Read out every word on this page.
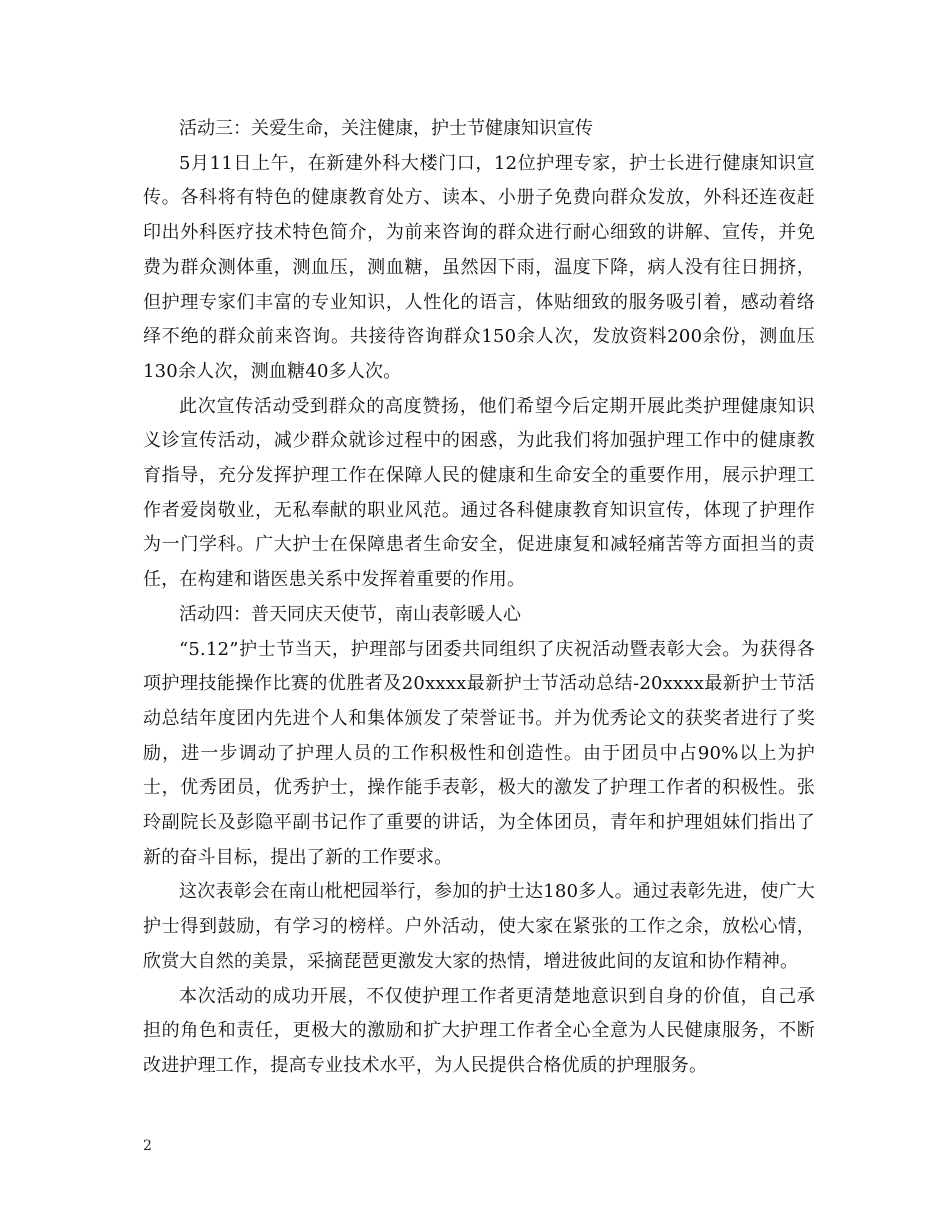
活动三：关爱生命，关注健康，护士节健康知识宣传

5月11日上午，在新建外科大楼门口，12位护理专家，护士长进行健康知识宣传。各科将有特色的健康教育处方、读本、小册子免费向群众发放，外科还连夜赶印出外科医疗技术特色简介，为前来咨询的群众进行耐心细致的讲解、宣传，并免费为群众测体重，测血压，测血糖，虽然因下雨，温度下降，病人没有往日拥挤，但护理专家们丰富的专业知识，人性化的语言，体贴细致的服务吸引着，感动着络绎不绝的群众前来咨询。共接待咨询群众150余人次，发放资料200余份，测血压130余人次，测血糖40多人次。

此次宣传活动受到群众的高度赞扬，他们希望今后定期开展此类护理健康知识义诊宣传活动，减少群众就诊过程中的困惑，为此我们将加强护理工作中的健康教育指导，充分发挥护理工作在保障人民的健康和生命安全的重要作用，展示护理工作者爱岗敬业，无私奉献的职业风范。通过各科健康教育知识宣传，体现了护理作为一门学科。广大护士在保障患者生命安全，促进康复和减轻痛苦等方面担当的责任，在构建和谐医患关系中发挥着重要的作用。

活动四：普天同庆天使节，南山表彰暖人心

“5.12”护士节当天，护理部与团委共同组织了庆祝活动暨表彰大会。为获得各项护理技能操作比赛的优胜者及20xxxx最新护士节活动总结-20xxxx最新护士节活动总结年度团内先进个人和集体颁发了荣誉证书。并为优秀论文的获奖者进行了奖励，进一步调动了护理人员的工作积极性和创造性。由于团员中占90%以上为护士，优秀团员，优秀护士，操作能手表彰，极大的激发了护理工作者的积极性。张玲副院长及彭隐平副书记作了重要的讲话，为全体团员，青年和护理姐妹们指出了新的奋斗目标，提出了新的工作要求。

这次表彰会在南山枇杷园举行，参加的护士达180多人。通过表彰先进，使广大护士得到鼓励，有学习的榜样。户外活动，使大家在紧张的工作之余，放松心情，欣赏大自然的美景，采摘琵琶更激发大家的热情，增进彼此间的友谊和协作精神。

本次活动的成功开展，不仅使护理工作者更清楚地意识到自身的价值，自己承担的角色和责任，更极大的激励和扩大护理工作者全心全意为人民健康服务，不断改进护理工作，提高专业技术水平，为人民提供合格优质的护理服务。

2
